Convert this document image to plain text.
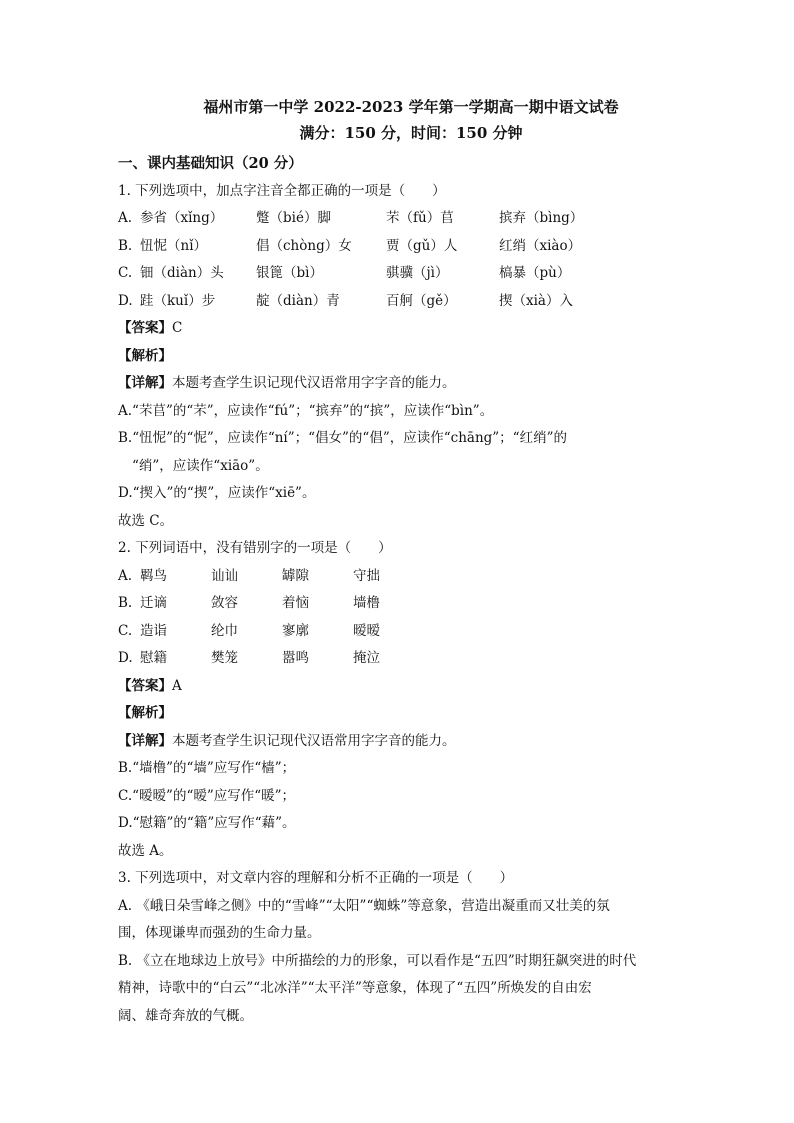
福州市第一中学 2022-2023 学年第一学期高一期中语文试卷

满分：150 分，时间：150 分钟

一、课内基础知识（20 分）

1. 下列选项中，加点字注音全都正确的一项是（　　）

A. 参省（xǐng）	蹩（bié）脚	芣（fǔ）苢	摈弃（bìng）
B. 忸怩（nǐ）	倡（chòng）女	贾（gǔ）人	红绡（xiào）
C. 钿（diàn）头	银篦（bì）	骐骥（jì）	槁暴（pù）
D. 跬（kuǐ）步	靛（diàn）青	百舸（gě）	揳（xià）入

【答案】C

【解析】

【详解】本题考查学生识记现代汉语常用字字音的能力。

A.“芣苢”的“芣”，应读作“fú”；“摈弃”的“摈”，应读作“bìn”。

B.“忸怩”的“怩”，应读作“ní”；“倡女”的“倡”，应读作“chāng”；“红绡”的

“绡”，应读作“xiāo”。

D.“揳入”的“揳”，应读作“xiē”。

故选 C。

2. 下列词语中，没有错别字的一项是（　　）

A. 羁鸟	讪讪	罅隙	守拙
B. 迁谪	敛容	着恼	墙橹
C. 造诣	纶巾	寥廓	暧暧
D. 慰籍	樊笼	嚣鸣	掩泣

【答案】A

【解析】

【详解】本题考查学生识记现代汉语常用字字音的能力。

B.“墙橹”的“墙”应写作“樯”；

C.“暧暧”的“暧”应写作“暖”；

D.“慰籍”的“籍”应写作“藉”。

故选 A。

3. 下列选项中，对文章内容的理解和分析不正确的一项是（　　）

A. 《峨日朵雪峰之侧》中的“雪峰”“太阳”“蜘蛛”等意象，营造出凝重而又壮美的氛

围，体现谦卑而强劲的生命力量。

B. 《立在地球边上放号》中所描绘的力的形象，可以看作是“五四”时期狂飙突进的时代

精神，诗歌中的“白云”“北冰洋”“太平洋”等意象，体现了“五四”所焕发的自由宏

阔、雄奇奔放的气概。
